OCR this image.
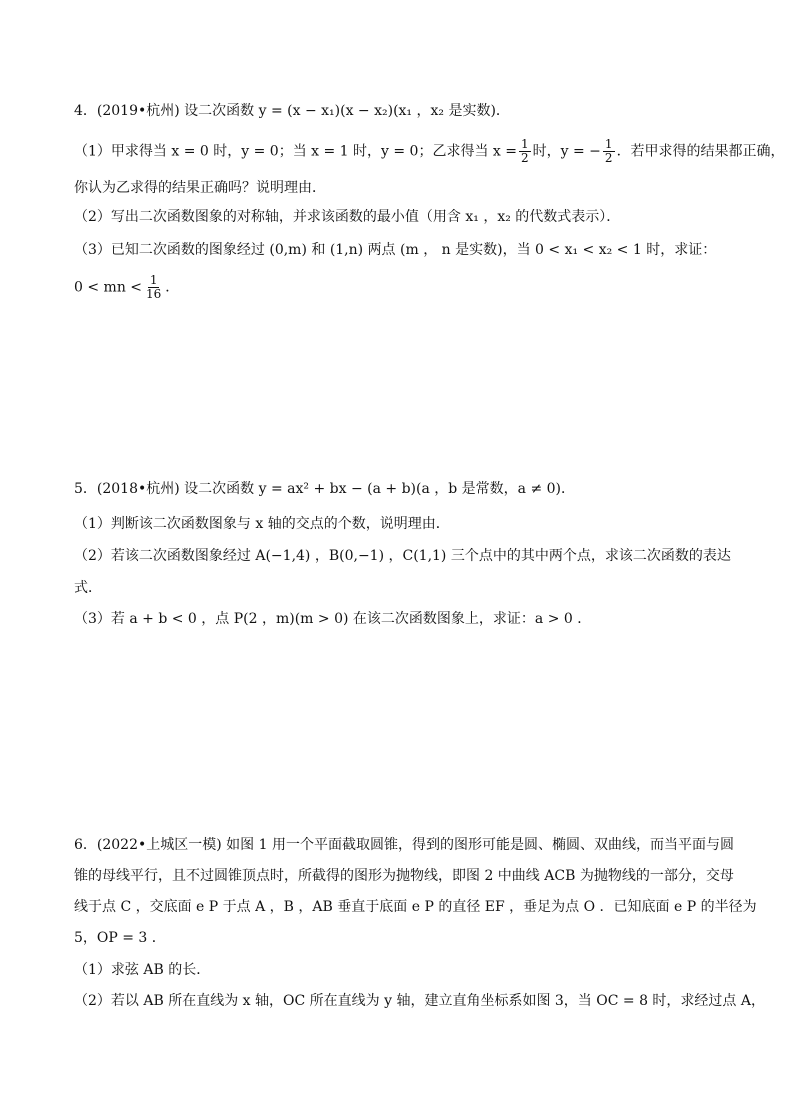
4．(2019•杭州) 设二次函数 y = (x − x₁)(x − x₂)(x₁ ，x₂ 是实数)．
（1）甲求得当 x = 0 时，y = 0；当 x = 1 时，y = 0；乙求得当 $x = \frac{1}{2}$ 时，y = − $\frac{1}{2}$ ．若甲求得的结果都正确，
你认为乙求得的结果正确吗？说明理由．
（2）写出二次函数图象的对称轴，并求该函数的最小值（用含 x₁ ，x₂ 的代数式表示）．
（3）已知二次函数的图象经过 (0,m) 和 (1,n) 两点 (m ， n 是实数)，当 0 < x₁ < x₂ < 1 时，求证：
0 < mn < $\frac{1}{16}$ ．
5．(2018•杭州) 设二次函数 y = ax² + bx − (a + b)(a ，b 是常数，a ≠ 0)．
（1）判断该二次函数图象与 x 轴的交点的个数，说明理由．
（2）若该二次函数图象经过 A(−1,4) ，B(0,−1) ，C(1,1) 三个点中的其中两个点，求该二次函数的表达
式．
（3）若 a + b < 0 ，点 P(2 ，m)(m > 0) 在该二次函数图象上，求证：a > 0 ．
6．(2022•上城区一模) 如图 1 用一个平面截取圆锥，得到的图形可能是圆、椭圆、双曲线，而当平面与圆
锥的母线平行，且不过圆锥顶点时，所截得的图形为抛物线，即图 2 中曲线 ACB 为抛物线的一部分，交母
线于点 C ，交底面 e P 于点 A ，B ，AB 垂直于底面 e P 的直径 EF ，垂足为点 O ．已知底面 e P 的半径为
5，OP = 3 ．
（1）求弦 AB 的长．
（2）若以 AB 所在直线为 x 轴，OC 所在直线为 y 轴，建立直角坐标系如图 3，当 OC = 8 时，求经过点 A，
